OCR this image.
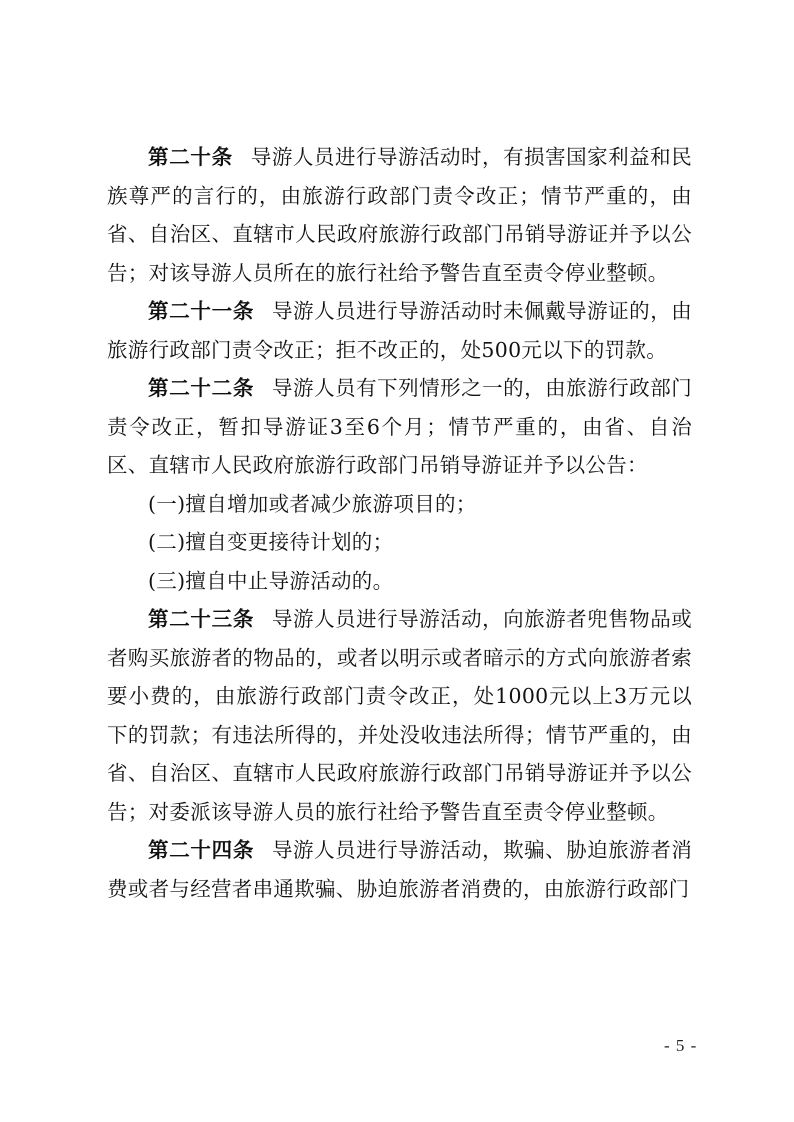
第二十条 导游人员进行导游活动时，有损害国家利益和民族尊严的言行的，由旅游行政部门责令改正；情节严重的，由省、自治区、直辖市人民政府旅游行政部门吊销导游证并予以公告；对该导游人员所在的旅行社给予警告直至责令停业整顿。

第二十一条 导游人员进行导游活动时未佩戴导游证的，由旅游行政部门责令改正；拒不改正的，处500元以下的罚款。

第二十二条 导游人员有下列情形之一的，由旅游行政部门责令改正，暂扣导游证3至6个月；情节严重的，由省、自治区、直辖市人民政府旅游行政部门吊销导游证并予以公告：

(一)擅自增加或者减少旅游项目的；

(二)擅自变更接待计划的；

(三)擅自中止导游活动的。

第二十三条 导游人员进行导游活动，向旅游者兜售物品或者购买旅游者的物品的，或者以明示或者暗示的方式向旅游者索要小费的，由旅游行政部门责令改正，处1000元以上3万元以下的罚款；有违法所得的，并处没收违法所得；情节严重的，由省、自治区、直辖市人民政府旅游行政部门吊销导游证并予以公告；对委派该导游人员的旅行社给予警告直至责令停业整顿。

第二十四条 导游人员进行导游活动，欺骗、胁迫旅游者消费或者与经营者串通欺骗、胁迫旅游者消费的，由旅游行政部门

- 5 -
